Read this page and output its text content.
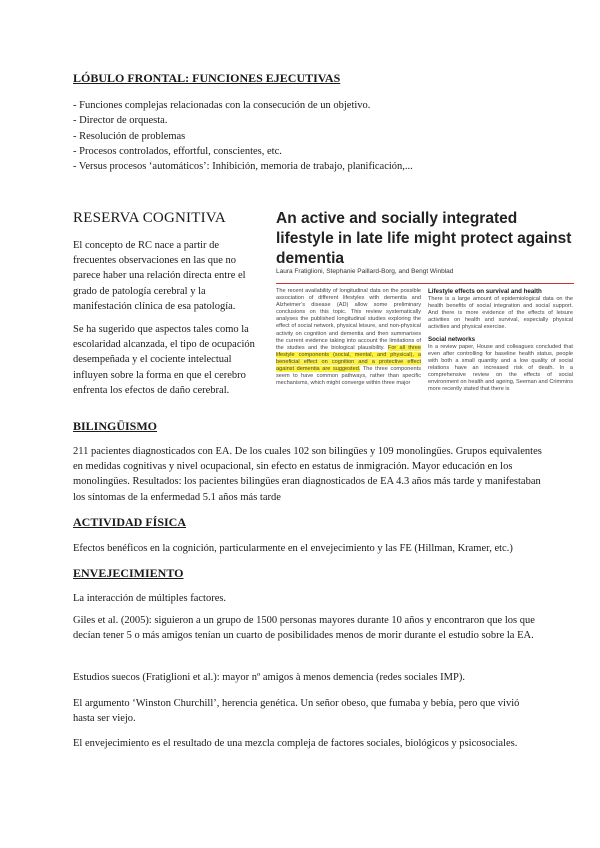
LÓBULO FRONTAL: FUNCIONES EJECUTIVAS
- Funciones complejas relacionadas con la consecución de un objetivo.
- Director de orquesta.
- Resolución de problemas
- Procesos controlados, effortful, conscientes, etc.
- Versus procesos ‘automáticos’: Inhibición, memoria de trabajo, planificación,...
RESERVA COGNITIVA
El concepto de RC nace a partir de frecuentes observaciones en las que no parece haber una relación directa entre el grado de patología cerebral y la manifestación clínica de esa patología.
Se ha sugerido que aspectos tales como la escolaridad alcanzada, el tipo de ocupación desempeñada y el cociente intelectual influyen sobre la forma en que el cerebro enfrenta los efectos de daño cerebral.
An active and socially integrated lifestyle in late life might protect against dementia
Laura Fratiglioni, Stephanie Paillard-Borg, and Bengt Winblad
The recent availability of longitudinal data on the possible association of different lifestyles with dementia and Alzheimer’s disease (AD) allow some preliminary conclusions on this topic. This review systematically analyses the published longitudinal studies exploring the effect of social network, physical leisure, and non-physical activity on cognition and dementia and then summarises the current evidence taking into account the limitations of the studies and the biological plausibility. For all three lifestyle components (social, mental, and physical), a beneficial effect on cognition and a protective effect against dementia are suggested. The three components seem to have common pathways, rather than specific mechanisms, which might converge within three major
Lifestyle effects on survival and health
There is a large amount of epidemiological data on the health benefits of social integration and social support. And there is more evidence of the effects of leisure activities on health and survival, especially physical activities and physical exercise.
Social networks
In a review paper, House and colleagues concluded that even after controlling for baseline health status, people with both a small quantity and a low quality of social relations have an increased risk of death. In a comprehensive review on the effects of social environment on health and ageing, Seeman and Crimmins more recently stated that there is
BILINGÜISMO
211 pacientes diagnosticados con EA. De los cuales 102 son bilingües y 109 monolingües. Grupos equivalentes en medidas cognitivas y nivel ocupacional, sin efecto en estatus de inmigración. Mayor educación en los monolingües. Resultados: los pacientes bilingües eran diagnosticados de EA 4.3 años más tarde y manifestaban los síntomas de la enfermedad 5.1 años más tarde
ACTIVIDAD FÍSICA
Efectos benéficos en la cognición, particularmente en el envejecimiento y las FE (Hillman, Kramer, etc.)
ENVEJECIMIENTO
La interacción de múltiples factores.
Giles et al. (2005): siguieron a un grupo de 1500 personas mayores durante 10 años y encontraron que los que decían tener 5 o más amigos tenían un cuarto de posibilidades menos de morir durante el estudio sobre la EA.
Estudios suecos (Fratiglioni et al.): mayor nº amigos à menos demencia (redes sociales IMP).
El argumento ‘Winston Churchill’, herencia genética. Un señor obeso, que fumaba y bebía, pero que vivió hasta ser viejo.
El envejecimiento es el resultado de una mezcla compleja de factores sociales, biológicos y psicosociales.
